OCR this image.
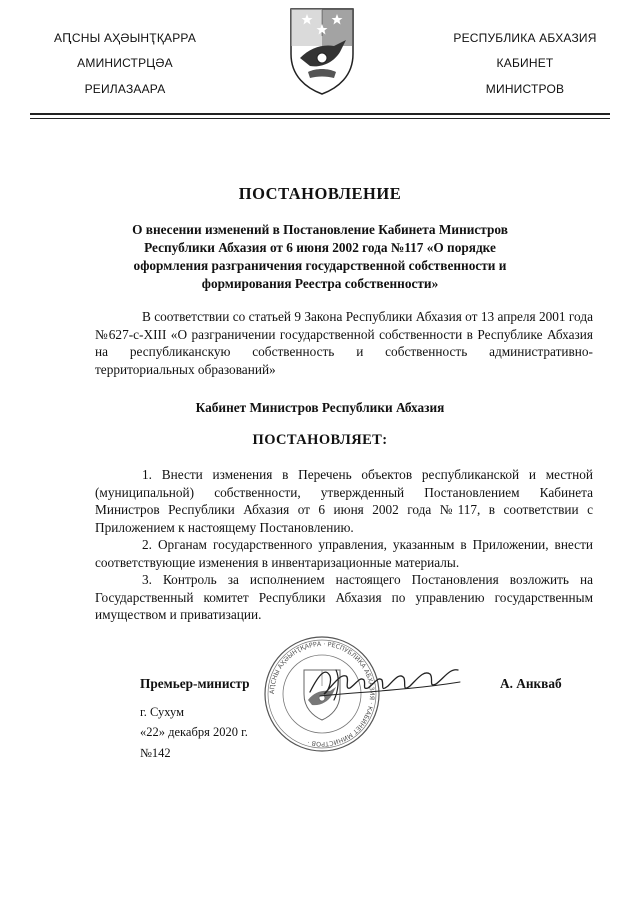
АԤСНЫ АҲӘЫНҬҚАРРА
АМИНИСТРЦӘА
РЕИЛАЗААРА
РЕСПУБЛИКА АБХАЗИЯ
КАБИНЕТ
МИНИСТРОВ
ПОСТАНОВЛЕНИЕ
О внесении изменений в Постановление Кабинета Министров Республики Абхазия от 6 июня 2002 года №117 «О порядке оформления разграничения государственной собственности и формирования Реестра собственности»
В соответствии со статьей 9 Закона Республики Абхазия от 13 апреля 2001 года №627-с-XIII «О разграничении государственной собственности в Республике Абхазия на республиканскую собственность и собственность административно-территориальных образований»
Кабинет Министров Республики Абхазия
ПОСТАНОВЛЯЕТ:
1. Внести изменения в Перечень объектов республиканской и местной (муниципальной) собственности, утвержденный Постановлением Кабинета Министров Республики Абхазия от 6 июня 2002 года №117, в соответствии с Приложением к настоящему Постановлению.
2. Органам государственного управления, указанным в Приложении, внести соответствующие изменения в инвентаризационные материалы.
3. Контроль за исполнением настоящего Постановления возложить на Государственный комитет Республики Абхазия по управлению государственным имуществом и приватизации.
АԤСНЫ АҲӘЫНҬҚАРРА · РЕСПУБЛИКА АБХАЗИЯ · КАБИНЕТ МИНИСТРОВ ·
Премьер-министр	А. Анкваб
г. Сухум
«22» декабря 2020 г.
№142
